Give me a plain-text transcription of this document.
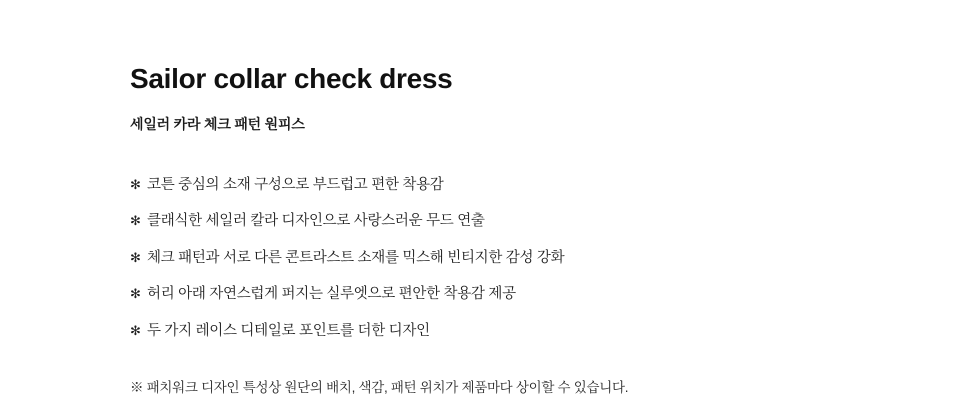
Sailor collar check dress
세일러 카라 체크 패턴 원피스
✻ 코튼 중심의 소재 구성으로 부드럽고 편한 착용감
✻ 클래식한 세일러 칼라 디자인으로 사랑스러운 무드 연출
✻ 체크 패턴과 서로 다른 콘트라스트 소재를 믹스해 빈티지한 감성 강화
✻ 허리 아래 자연스럽게 퍼지는 실루엣으로 편안한 착용감 제공
✻ 두 가지 레이스 디테일로 포인트를 더한 디자인

※ 패치워크 디자인 특성상 원단의 배치, 색감, 패턴 위치가 제품마다 상이할 수 있습니다.
